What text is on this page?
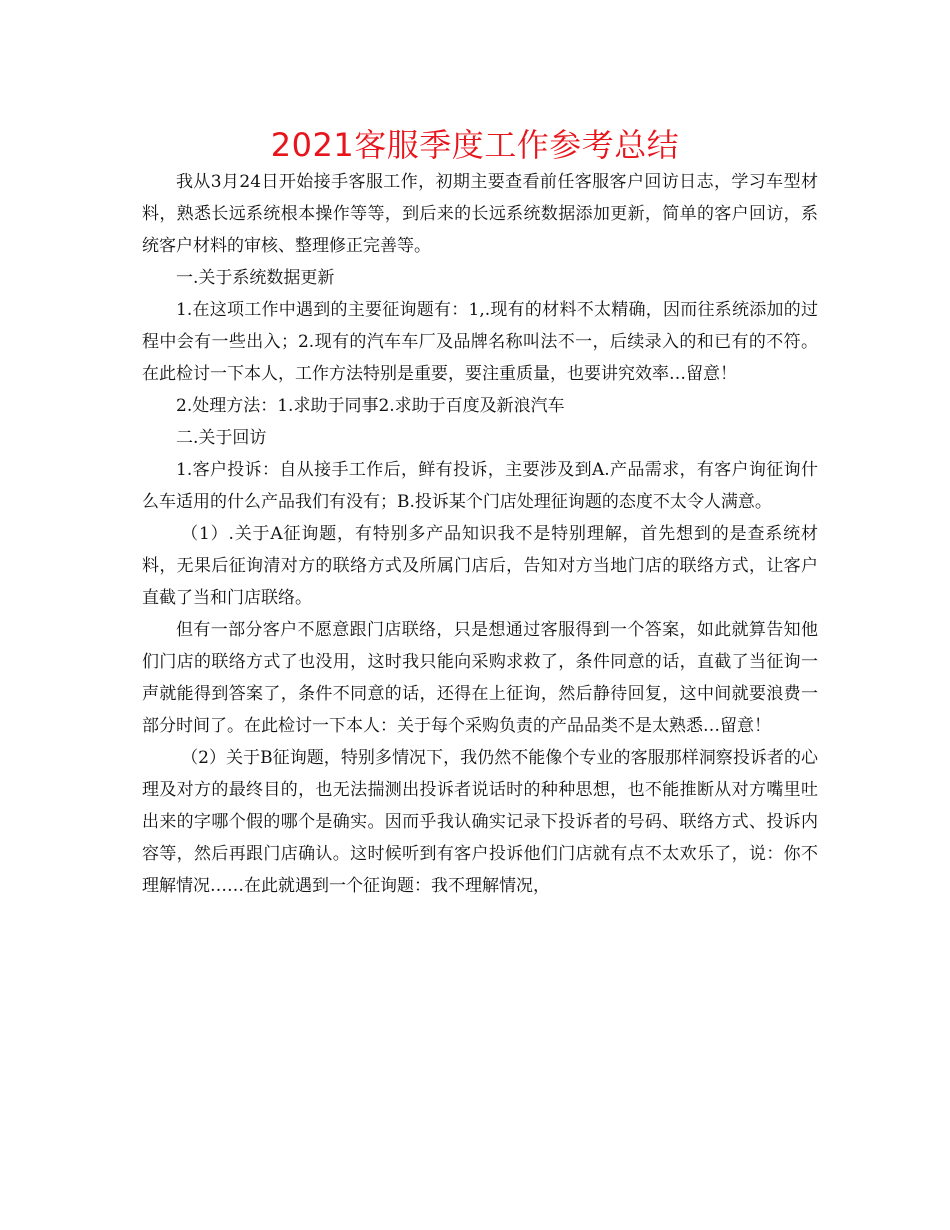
2021客服季度工作参考总结

我从3月24日开始接手客服工作，初期主要查看前任客服客户回访日志，学习车型材料，熟悉长远系统根本操作等等，到后来的长远系统数据添加更新，简单的客户回访，系统客户材料的审核、整理修正完善等。

一.关于系统数据更新

1.在这项工作中遇到的主要征询题有：1,.现有的材料不太精确，因而往系统添加的过程中会有一些出入；2.现有的汽车车厂及品牌名称叫法不一，后续录入的和已有的不符。在此检讨一下本人，工作方法特别是重要，要注重质量，也要讲究效率…留意！

2.处理方法：1.求助于同事2.求助于百度及新浪汽车

二.关于回访

1.客户投诉：自从接手工作后，鲜有投诉，主要涉及到A.产品需求，有客户询征询什么车适用的什么产品我们有没有；B.投诉某个门店处理征询题的态度不太令人满意。

（1）.关于A征询题，有特别多产品知识我不是特别理解，首先想到的是查系统材料，无果后征询清对方的联络方式及所属门店后，告知对方当地门店的联络方式，让客户直截了当和门店联络。

但有一部分客户不愿意跟门店联络，只是想通过客服得到一个答案，如此就算告知他们门店的联络方式了也没用，这时我只能向采购求救了，条件同意的话，直截了当征询一声就能得到答案了，条件不同意的话，还得在上征询，然后静待回复，这中间就要浪费一部分时间了。在此检讨一下本人：关于每个采购负责的产品品类不是太熟悉…留意！

（2）关于B征询题，特别多情况下，我仍然不能像个专业的客服那样洞察投诉者的心理及对方的最终目的，也无法揣测出投诉者说话时的种种思想，也不能推断从对方嘴里吐出来的字哪个假的哪个是确实。因而乎我认确实记录下投诉者的号码、联络方式、投诉内容等，然后再跟门店确认。这时候听到有客户投诉他们门店就有点不太欢乐了，说：你不理解情况……在此就遇到一个征询题：我不理解情况，
